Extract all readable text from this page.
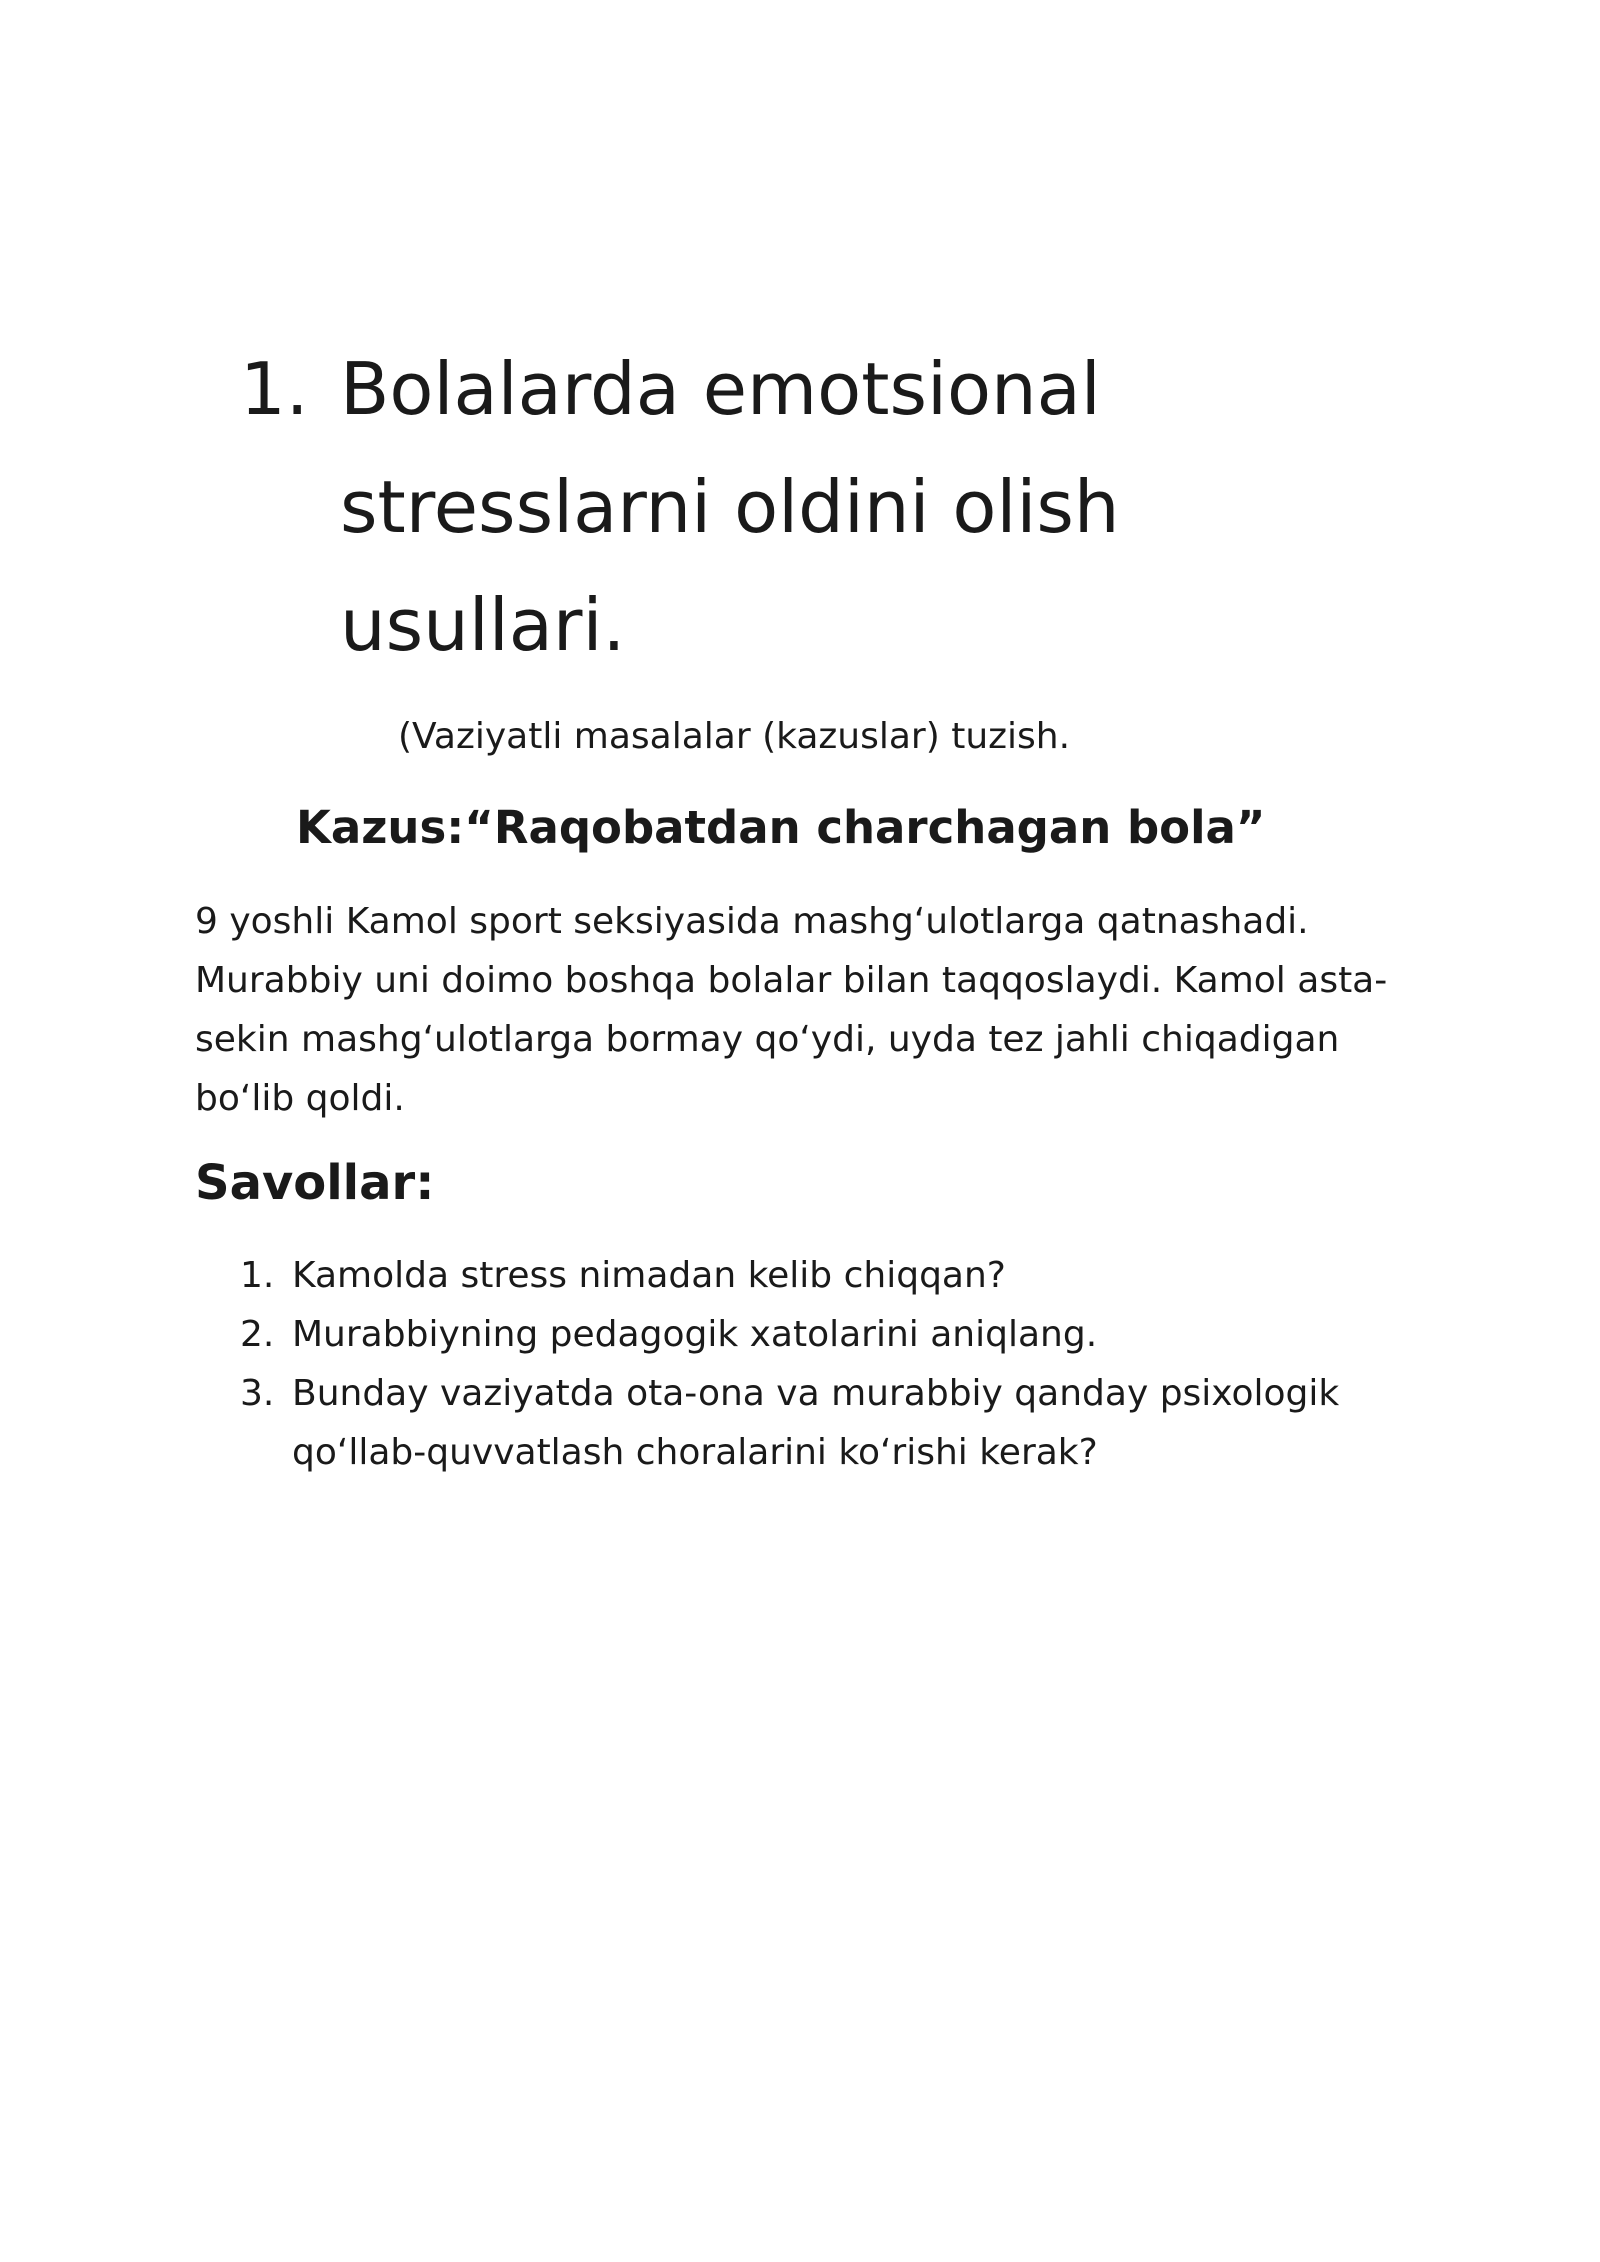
1. Bolalarda emotsional stresslarni oldini olish usullari.
(Vaziyatli masalalar (kazuslar) tuzish.
Kazus:“Raqobatdan charchagan bola”
9 yoshli Kamol sport seksiyasida mashg‘ulotlarga qatnashadi. Murabbiy uni doimo boshqa bolalar bilan taqqoslaydi. Kamol asta-sekin mashg‘ulotlarga bormay qo‘ydi, uyda tez jahli chiqadigan bo‘lib qoldi.
Savollar:
1. Kamolda stress nimadan kelib chiqqan?
2. Murabbiyning pedagogik xatolarini aniqlang.
3. Bunday vaziyatda ota-ona va murabbiy qanday psixologik qo‘llab-quvvatlash choralarini ko‘rishi kerak?
